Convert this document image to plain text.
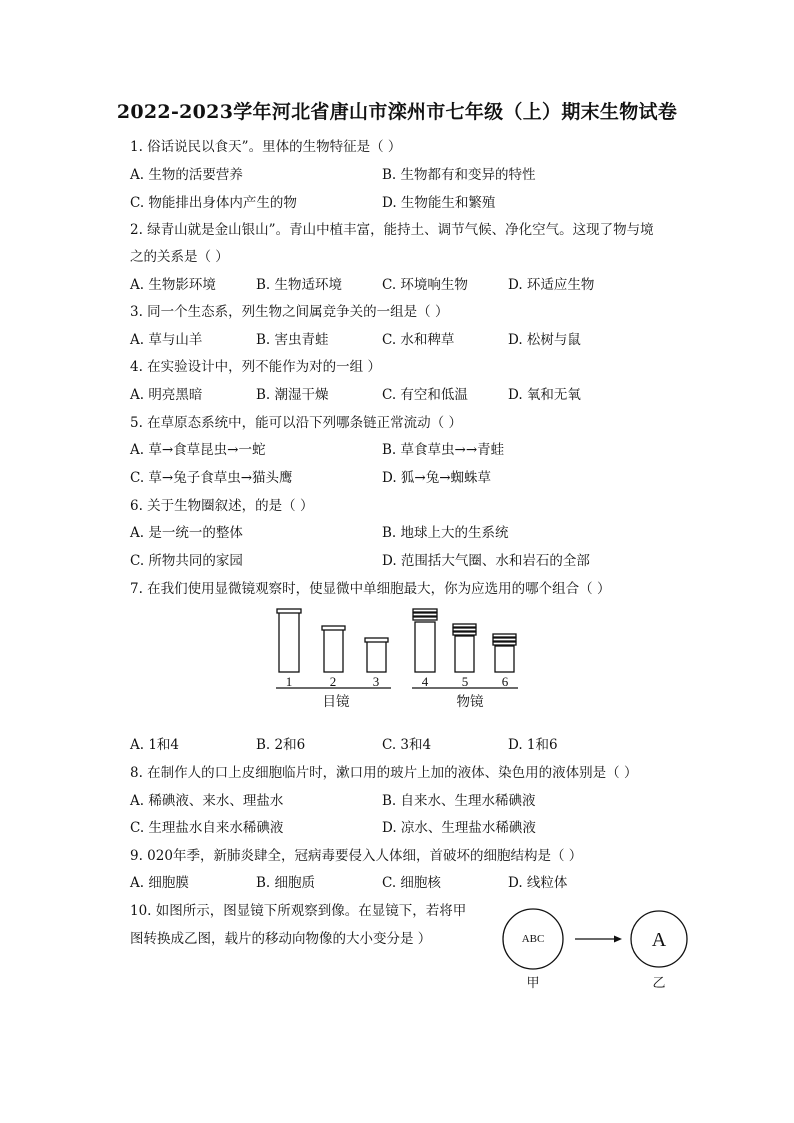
2022-2023学年河北省唐山市滦州市七年级（上）期末生物试卷
1. 俗话说民以食天”。里体的生物特征是（ ）
A. 生物的活要营养	B. 生物都有和变异的特性
C. 物能排出身体内产生的物	D. 生物能生和繁殖
2. 绿青山就是金山银山”。青山中植丰富，能持土、调节气候、净化空气。这现了物与境
之的关系是（ ）
A. 生物影环境	B. 生物适环境	C. 环境响生物	D. 环适应生物
3. 同一个生态系，列生物之间属竞争关的一组是（ ）
A. 草与山羊	B. 害虫青蛙	C. 水和稗草	D. 松树与鼠
4. 在实验设计中，列不能作为对的一组 ）
A. 明亮黑暗	B. 潮湿干燥	C. 有空和低温	D. 氧和无氧
5. 在草原态系统中，能可以沿下列哪条链正常流动（ ）
A. 草→食草昆虫→一蛇	B. 草食草虫→→青蛙
C. 草→兔子食草虫→猫头鹰	D. 狐→兔→蜘蛛草
6. 关于生物圈叙述，的是（ ）
A. 是一统一的整体	B. 地球上大的生系统
C. 所物共同的家园	D. 范围括大气圈、水和岩石的全部
7. 在我们使用显微镜观察时，使显微中单细胞最大，你为应选用的哪个组合（ ）
1	2	3	4	5	6
目镜	物镜
A. 1和4	B. 2和6	C. 3和4	D. 1和6
8. 在制作人的口上皮细胞临片时，漱口用的玻片上加的液体、染色用的液体别是（ ）
A. 稀碘液、来水、理盐水	B. 自来水、生理水稀碘液
C. 生理盐水自来水稀碘液	D. 凉水、生理盐水稀碘液
9. 020年季，新肺炎肆全，冠病毒要侵入人体细，首破坏的细胞结构是（ ）
A. 细胞膜	B. 细胞质	C. 细胞核	D. 线粒体
10. 如图所示，图显镜下所观察到像。在显镜下，若将甲
图转换成乙图，载片的移动向物像的大小变分是 ）	ABC	A
甲	乙
